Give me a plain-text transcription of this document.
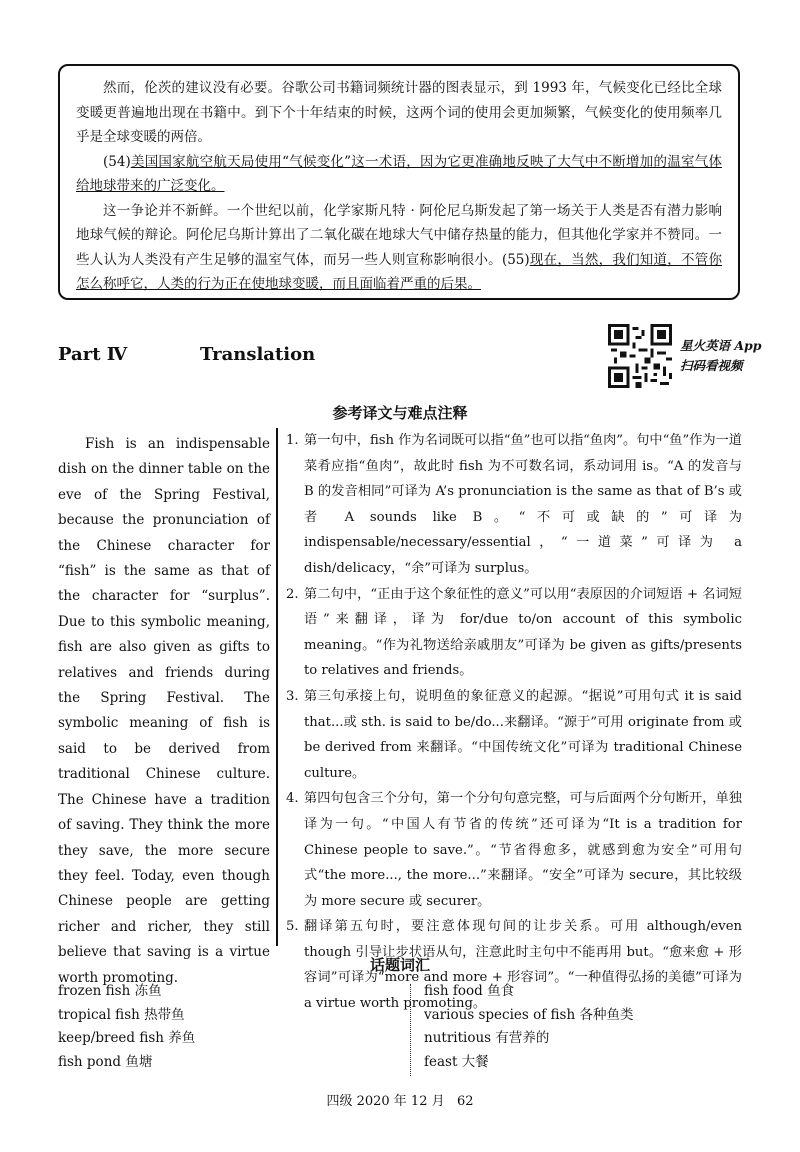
然而，伦茨的建议没有必要。谷歌公司书籍词频统计器的图表显示，到 1993 年，气候变化已经比全球变暖更普遍地出现在书籍中。到下个十年结束的时候，这两个词的使用会更加频繁，气候变化的使用频率几乎是全球变暖的两倍。

(54)美国国家航空航天局使用“气候变化”这一术语，因为它更准确地反映了大气中不断增加的温室气体给地球带来的广泛变化。

这一争论并不新鲜。一个世纪以前，化学家斯凡特 · 阿伦尼乌斯发起了第一场关于人类是否有潜力影响地球气候的辩论。阿伦尼乌斯计算出了二氧化碳在地球大气中储存热量的能力，但其他化学家并不赞同。一些人认为人类没有产生足够的温室气体，而另一些人则宣称影响很小。(55)现在，当然，我们知道，不管你怎么称呼它，人类的行为正在使地球变暖，而且面临着严重的后果。

Part Ⅳ	Translation	星火英语 App
扫码看视频
参考译文与难点注释
Fish is an indispensable dish on the dinner table on the eve of the Spring Festival, because the pronunciation of the Chinese character for “fish” is the same as that of the character for “surplus”. Due to this symbolic meaning, fish are also given as gifts to relatives and friends during the Spring Festival. The symbolic meaning of fish is said to be derived from traditional Chinese culture. The Chinese have a tradition of saving. They think the more they save, the more secure they feel. Today, even though Chinese people are getting richer and richer, they still believe that saving is a virtue worth promoting.
1. 第一句中，fish 作为名词既可以指“鱼”也可以指“鱼肉”。句中“鱼”作为一道菜肴应指“鱼肉”，故此时 fish 为不可数名词，系动词用 is。“A 的发音与 B 的发音相同”可译为 A’s pronunciation is the same as that of B’s 或者 A sounds like B。“不可或缺的”可译为 indispensable/necessary/essential，“一道菜”可译为 a dish/delicacy，“余”可译为 surplus。
2. 第二句中，“正由于这个象征性的意义”可以用“表原因的介词短语 + 名词短语”来翻译，译为 for/due to/on account of this symbolic meaning。“作为礼物送给亲戚朋友”可译为 be given as gifts/presents to relatives and friends。
3. 第三句承接上句，说明鱼的象征意义的起源。“据说”可用句式 it is said that...或 sth. is said to be/do...来翻译。“源于”可用 originate from 或 be derived from 来翻译。“中国传统文化”可译为 traditional Chinese culture。
4. 第四句包含三个分句，第一个分句句意完整，可与后面两个分句断开，单独译为一句。“中国人有节省的传统”还可译为“It is a tradition for Chinese people to save.”。“节省得愈多，就感到愈为安全”可用句式“the more..., the more...”来翻译。“安全”可译为 secure，其比较级为 more secure 或 securer。
5. 翻译第五句时，要注意体现句间的让步关系。可用 although/even though 引导让步状语从句，注意此时主句中不能再用 but。“愈来愈 + 形容词”可译为“more and more + 形容词”。“一种值得弘扬的美德”可译为 a virtue worth promoting。
话题词汇
frozen fish 冻鱼
tropical fish 热带鱼
keep/breed fish 养鱼
fish pond 鱼塘
fish food 鱼食
various species of fish 各种鱼类
nutritious 有营养的
feast 大餐
四级 2020 年 12 月 62
